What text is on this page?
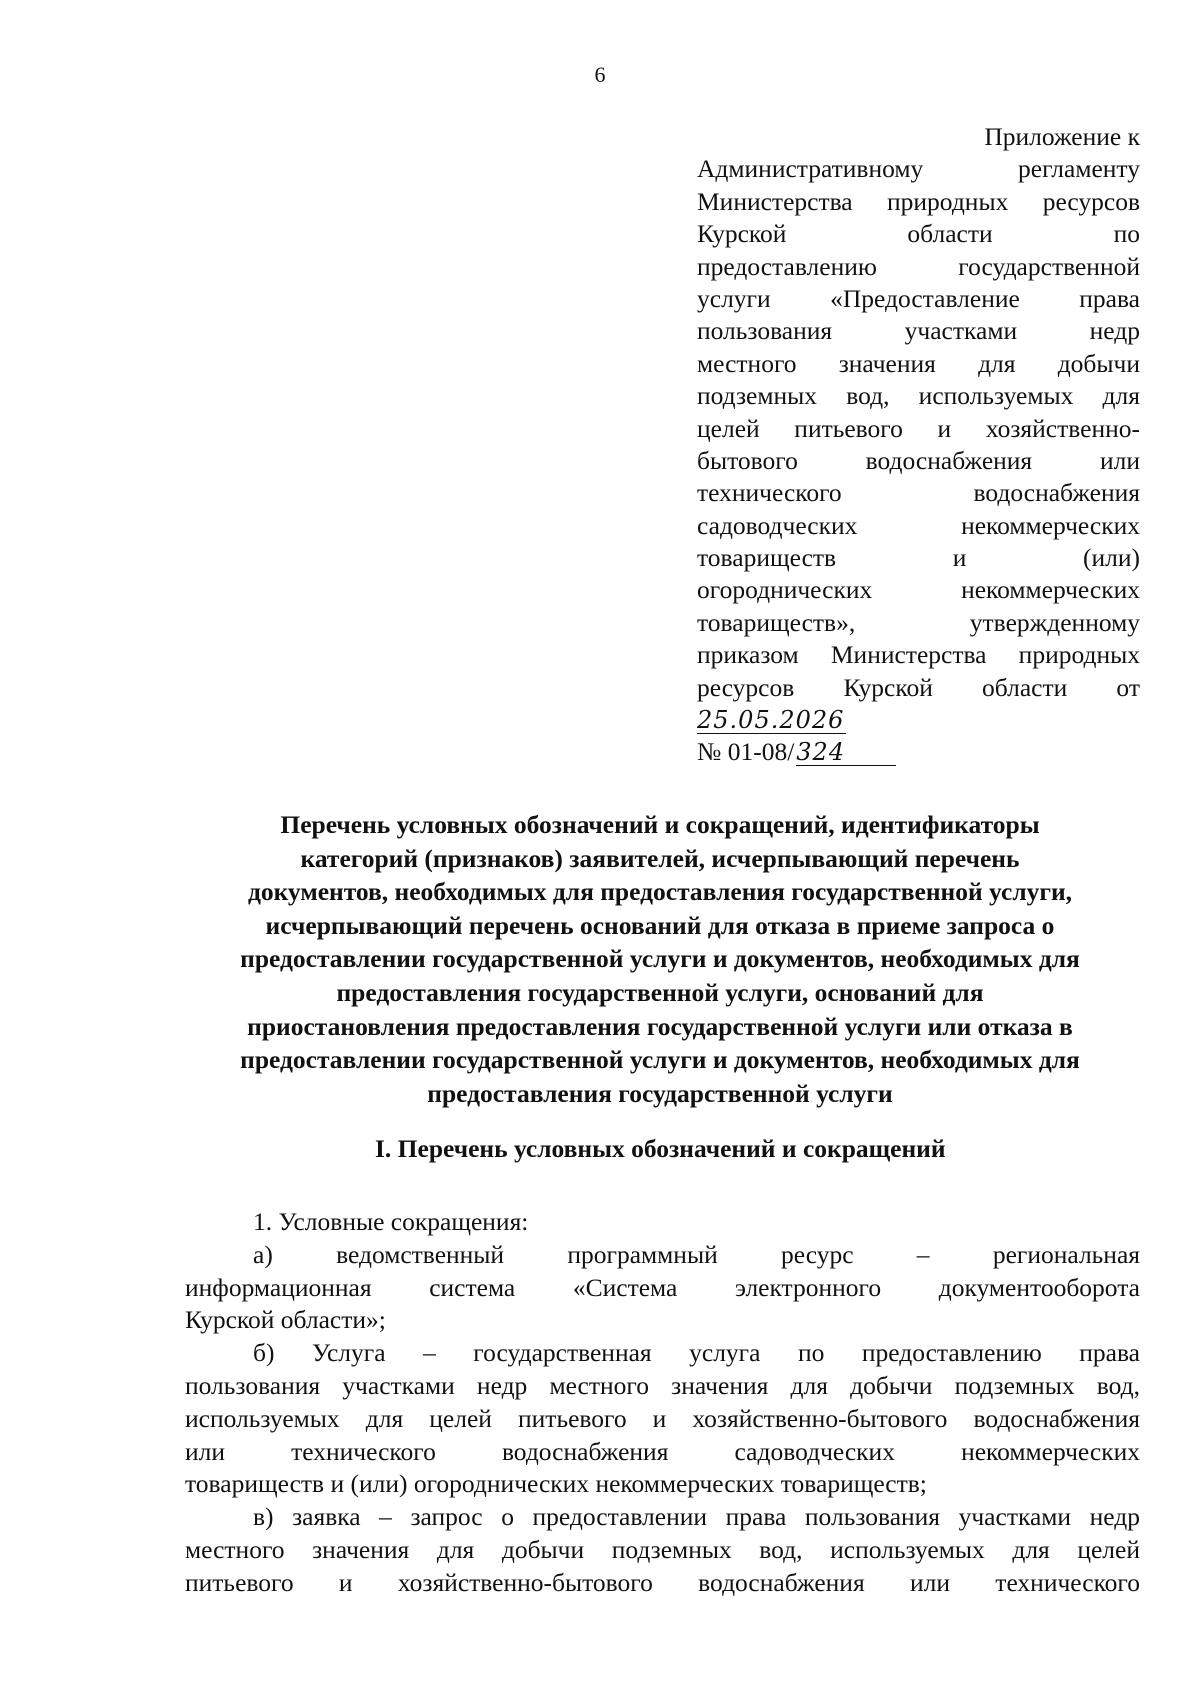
6
Приложение к
Административному регламенту
Министерства природных ресурсов
Курской области по
предоставлению государственной
услуги «Предоставление права
пользования участками недр
местного значения для добычи
подземных вод, используемых для
целей питьевого и хозяйственно-
бытового водоснабжения или
технического водоснабжения
садоводческих некоммерческих
товариществ и (или)
огороднических некоммерческих
товариществ», утвержденному
приказом Министерства природных
ресурсов Курской области от
25.05.2026
№ 01-08/324
Перечень условных обозначений и сокращений, идентификаторы
категорий (признаков) заявителей, исчерпывающий перечень
документов, необходимых для предоставления государственной услуги,
исчерпывающий перечень оснований для отказа в приеме запроса о
предоставлении государственной услуги и документов, необходимых для
предоставления государственной услуги, оснований для
приостановления предоставления государственной услуги или отказа в
предоставлении государственной услуги и документов, необходимых для
предоставления государственной услуги
I. Перечень условных обозначений и сокращений
1. Условные сокращения:
а) ведомственный программный ресурс – региональная
информационная система «Система электронного документооборота
Курской области»;
б) Услуга – государственная услуга по предоставлению права
пользования участками недр местного значения для добычи подземных вод,
используемых для целей питьевого и хозяйственно-бытового водоснабжения
или технического водоснабжения садоводческих некоммерческих
товариществ и (или) огороднических некоммерческих товариществ;
в) заявка – запрос о предоставлении права пользования участками недр
местного значения для добычи подземных вод, используемых для целей
питьевого и хозяйственно-бытового водоснабжения или технического
